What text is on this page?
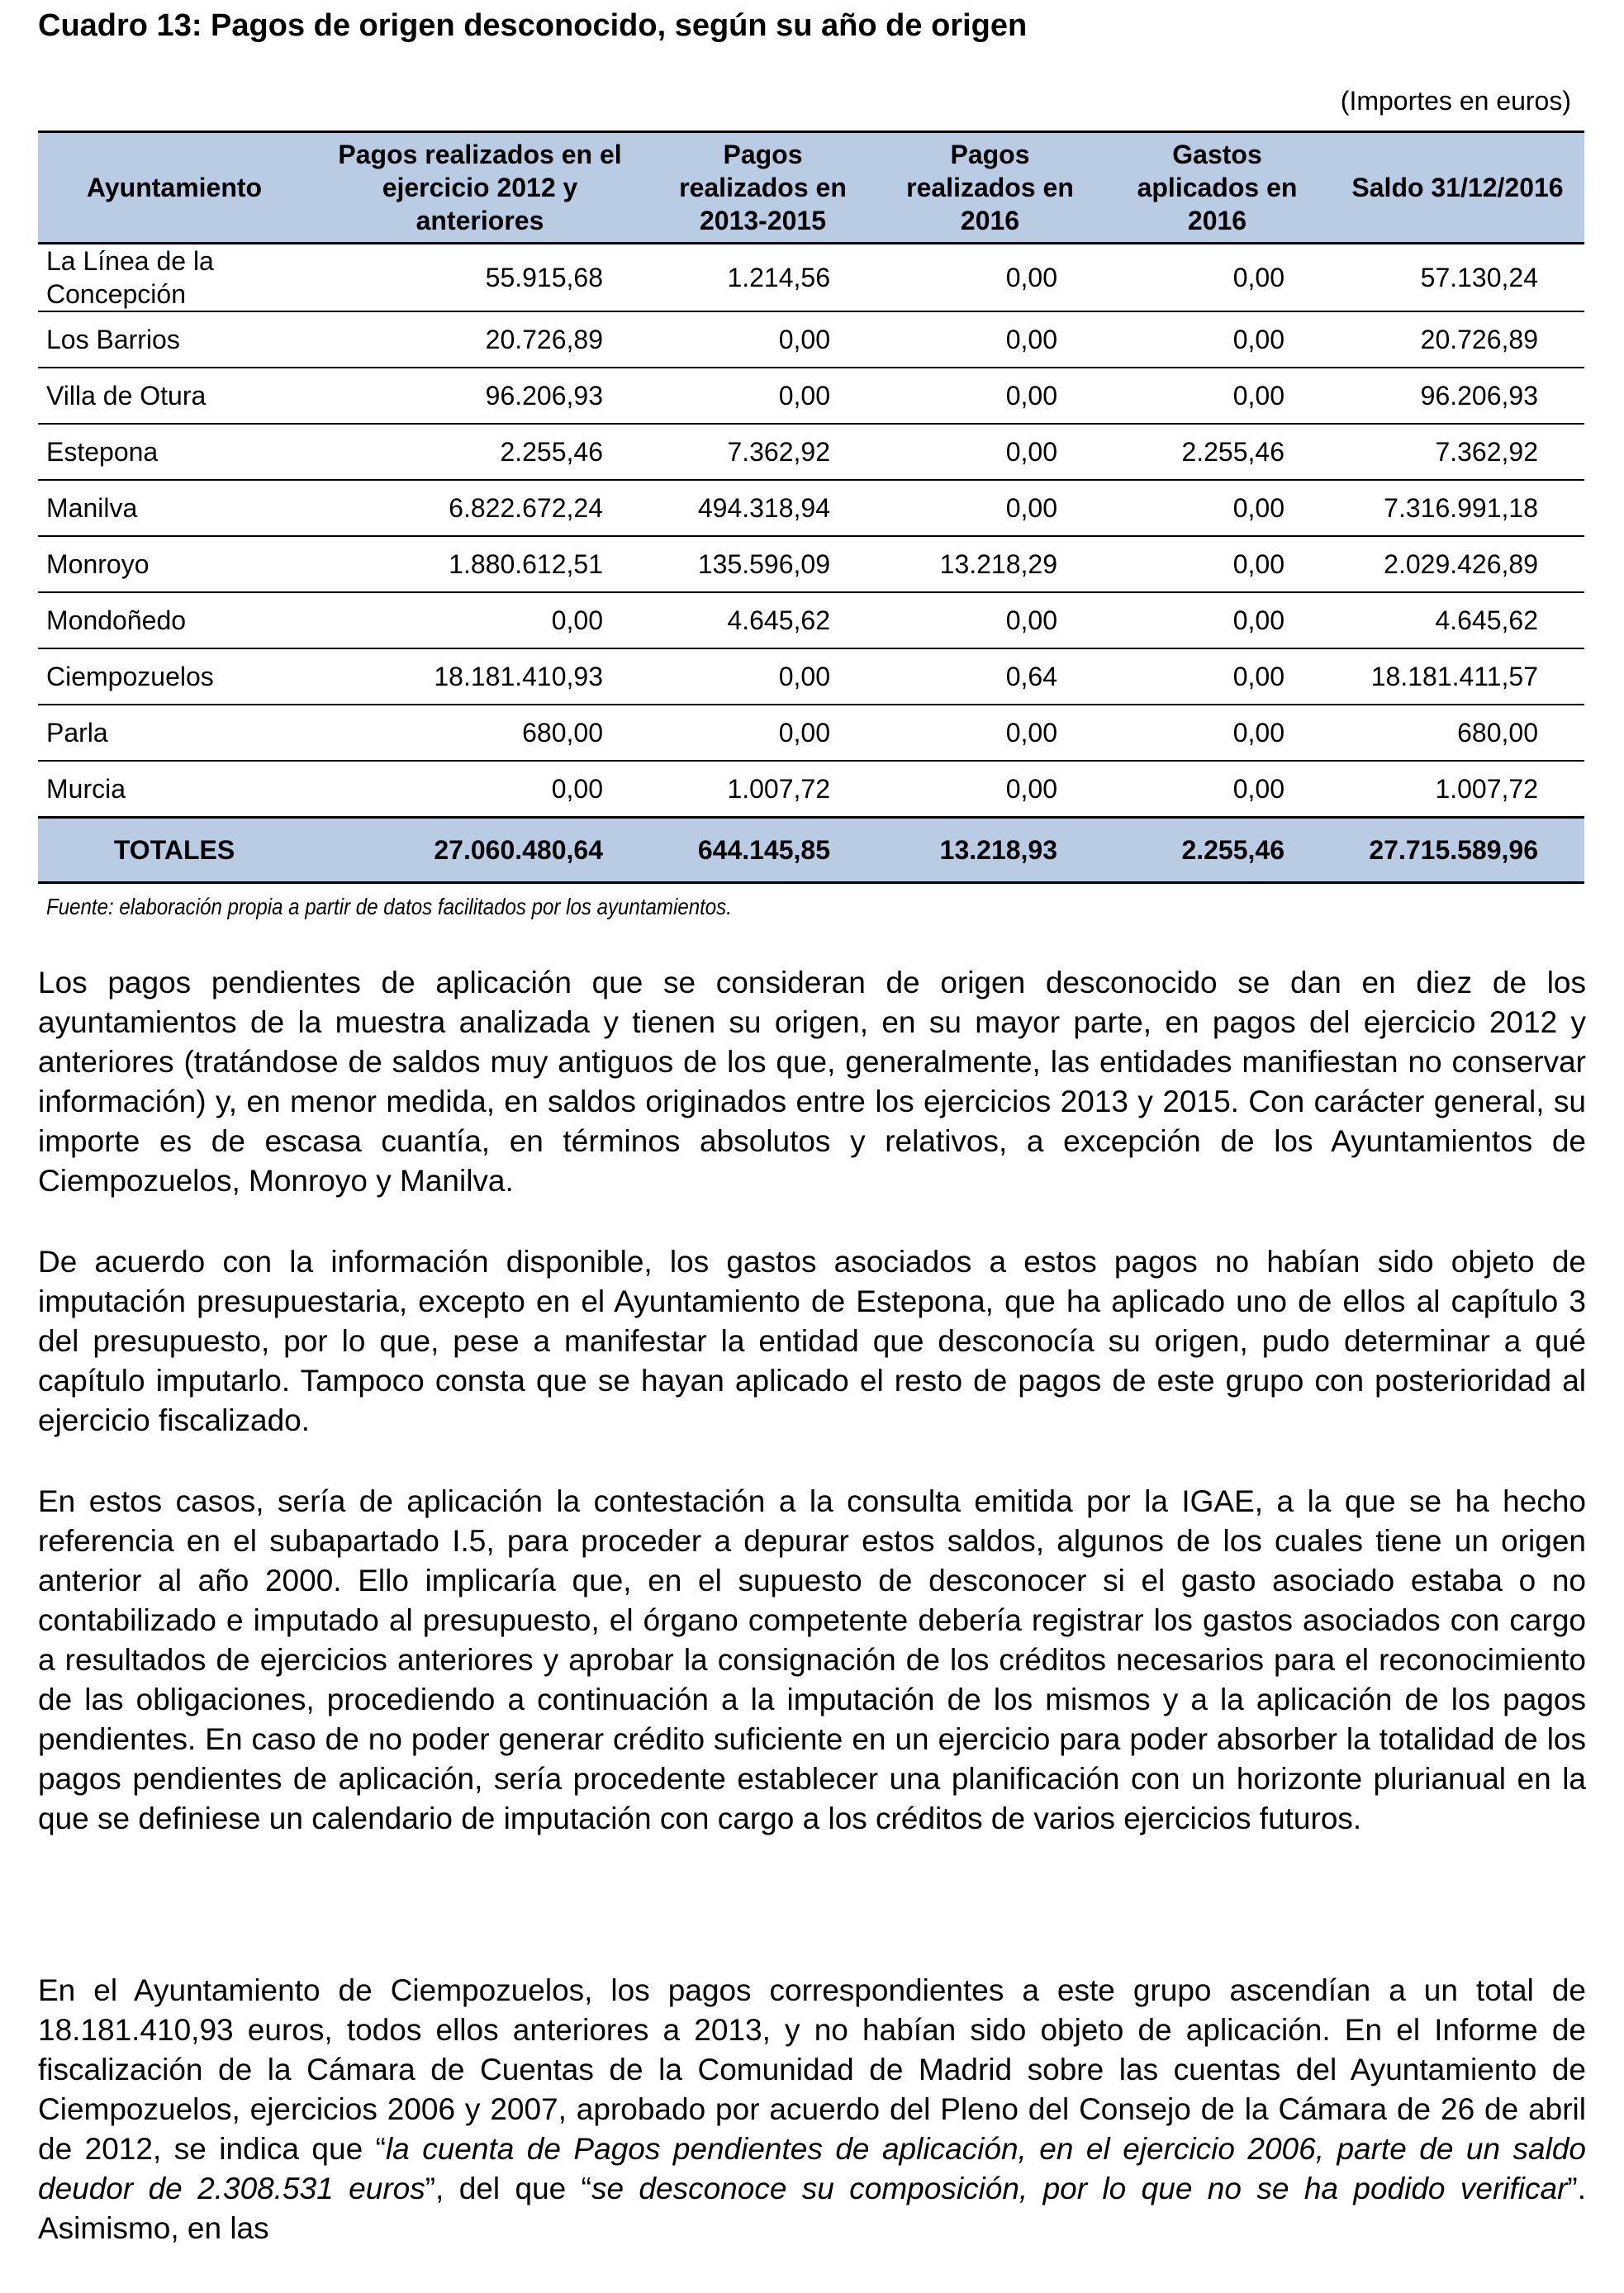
Cuadro 13: Pagos de origen desconocido, según su año de origen
(Importes en euros)
Ayuntamiento	Pagos realizados en el ejercicio 2012 y anteriores	Pagos realizados en 2013-2015	Pagos realizados en 2016	Gastos aplicados en 2016	Saldo 31/12/2016
La Línea de la Concepción	55.915,68	1.214,56	0,00	0,00	57.130,24
Los Barrios	20.726,89	0,00	0,00	0,00	20.726,89
Villa de Otura	96.206,93	0,00	0,00	0,00	96.206,93
Estepona	2.255,46	7.362,92	0,00	2.255,46	7.362,92
Manilva	6.822.672,24	494.318,94	0,00	0,00	7.316.991,18
Monroyo	1.880.612,51	135.596,09	13.218,29	0,00	2.029.426,89
Mondoñedo	0,00	4.645,62	0,00	0,00	4.645,62
Ciempozuelos	18.181.410,93	0,00	0,64	0,00	18.181.411,57
Parla	680,00	0,00	0,00	0,00	680,00
Murcia	0,00	1.007,72	0,00	0,00	1.007,72
TOTALES	27.060.480,64	644.145,85	13.218,93	2.255,46	27.715.589,96
Fuente: elaboración propia a partir de datos facilitados por los ayuntamientos.

Los pagos pendientes de aplicación que se consideran de origen desconocido se dan en diez de los ayuntamientos de la muestra analizada y tienen su origen, en su mayor parte, en pagos del ejercicio 2012 y anteriores (tratándose de saldos muy antiguos de los que, generalmente, las entidades manifiestan no conservar información) y, en menor medida, en saldos originados entre los ejercicios 2013 y 2015. Con carácter general, su importe es de escasa cuantía, en términos absolutos y relativos, a excepción de los Ayuntamientos de Ciempozuelos, Monroyo y Manilva.

De acuerdo con la información disponible, los gastos asociados a estos pagos no habían sido objeto de imputación presupuestaria, excepto en el Ayuntamiento de Estepona, que ha aplicado uno de ellos al capítulo 3 del presupuesto, por lo que, pese a manifestar la entidad que desconocía su origen, pudo determinar a qué capítulo imputarlo. Tampoco consta que se hayan aplicado el resto de pagos de este grupo con posterioridad al ejercicio fiscalizado.

En estos casos, sería de aplicación la contestación a la consulta emitida por la IGAE, a la que se ha hecho referencia en el subapartado I.5, para proceder a depurar estos saldos, algunos de los cuales tiene un origen anterior al año 2000. Ello implicaría que, en el supuesto de desconocer si el gasto asociado estaba o no contabilizado e imputado al presupuesto, el órgano competente debería registrar los gastos asociados con cargo a resultados de ejercicios anteriores y aprobar la consignación de los créditos necesarios para el reconocimiento de las obligaciones, procediendo a continuación a la imputación de los mismos y a la aplicación de los pagos pendientes. En caso de no poder generar crédito suficiente en un ejercicio para poder absorber la totalidad de los pagos pendientes de aplicación, sería procedente establecer una planificación con un horizonte plurianual en la que se definiese un calendario de imputación con cargo a los créditos de varios ejercicios futuros.

En el Ayuntamiento de Ciempozuelos, los pagos correspondientes a este grupo ascendían a un total de 18.181.410,93 euros, todos ellos anteriores a 2013, y no habían sido objeto de aplicación. En el Informe de fiscalización de la Cámara de Cuentas de la Comunidad de Madrid sobre las cuentas del Ayuntamiento de Ciempozuelos, ejercicios 2006 y 2007, aprobado por acuerdo del Pleno del Consejo de la Cámara de 26 de abril de 2012, se indica que “la cuenta de Pagos pendientes de aplicación, en el ejercicio 2006, parte de un saldo deudor de 2.308.531 euros”, del que “se desconoce su composición, por lo que no se ha podido verificar”. Asimismo, en las
